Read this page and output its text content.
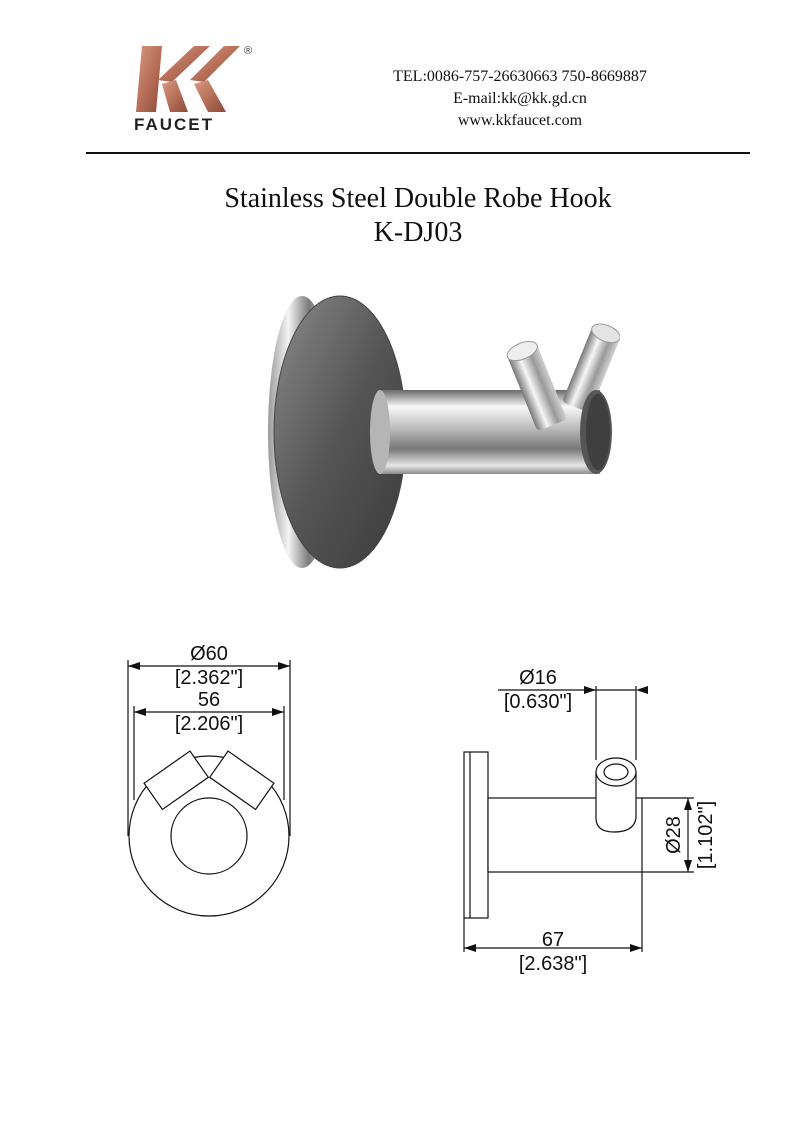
®
FAUCET
TEL:0086-757-26630663 750-8669887
E-mail:kk@kk.gd.cn
www.kkfaucet.com
Stainless Steel Double Robe Hook
K-DJ03
Ø60
[2.362"]
56
[2.206"]
Ø16
[0.630"]
Ø28 [1.102"]
67
[2.638"]
